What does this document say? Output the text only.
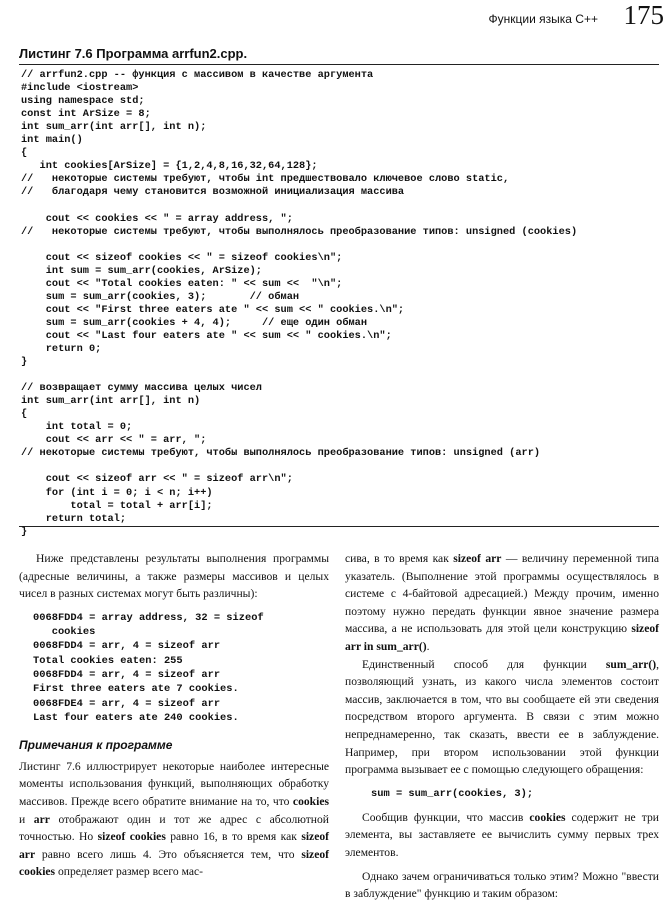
Функции языка C++ 175
Листинг 7.6 Программа arrfun2.cpp.
// arrfun2.cpp -- функция с массивом в качестве аргумента
#include <iostream>
using namespace std;
const int ArSize = 8;
int sum_arr(int arr[], int n);
int main()
{
int cookies[ArSize] = {1,2,4,8,16,32,64,128};
//   некоторые системы требуют, чтобы int предшествовало ключевое слово static,
//   благодаря чему становится возможной инициализация массива
cout << cookies << " = array address, ";
//   некоторые системы требуют, чтобы выполнялось преобразование типов: unsigned (cookies)
cout << sizeof cookies << " = sizeof cookies\n";
int sum = sum_arr(cookies, ArSize);
cout << "Total cookies eaten: " << sum <<  "\n";
sum = sum_arr(cookies, 3);       // обман
cout << "First three eaters ate " << sum << " cookies.\n";
sum = sum_arr(cookies + 4, 4);     // еще один обман
cout << "Last four eaters ate " << sum << " cookies.\n";
return 0;
}
// возвращает сумму массива целых чисел
int sum_arr(int arr[], int n)
{
int total = 0;
cout << arr << " = arr, ";
// некоторые системы требуют, чтобы выполнялось преобразование типов: unsigned (arr)
cout << sizeof arr << " = sizeof arr\n";
for (int i = 0; i < n; i++)
total = total + arr[i];
return total;
}

Ниже представлены результаты выполнения программы (адресные величины, а также размеры массивов и целых чисел в разных системах могут быть различны):

0068FDD4 = array address, 32 = sizeof
cookies
0068FDD4 = arr, 4 = sizeof arr
Total cookies eaten: 255
0068FDD4 = arr, 4 = sizeof arr
First three eaters ate 7 cookies.
0068FDE4 = arr, 4 = sizeof arr
Last four eaters ate 240 cookies.
Примечания к программе

Листинг 7.6 иллюстрирует некоторые наиболее интересные моменты использования функций, выполняющих обработку массивов. Прежде всего обратите внимание на то, что cookies и arr отображают один и тот же адрес с абсолютной точностью. Но sizeof cookies равно 16, в то время как sizeof arr равно всего лишь 4. Это объясняется тем, что sizeof cookies определяет размер всего мас-

сива, в то время как sizeof arr — величину переменной типа указатель. (Выполнение этой программы осуществлялось в системе с 4-байтовой адресацией.) Между прочим, именно поэтому нужно передать функции явное значение размера массива, а не использовать для этой цели конструкцию sizeof arr in sum_arr().

Единственный способ для функции sum_arr(), позволяющий узнать, из какого числа элементов состоит массив, заключается в том, что вы сообщаете ей эти сведения посредством второго аргумента. В связи с этим можно непреднамеренно, так сказать, ввести ее в заблуждение. Например, при втором использовании этой функции программа вызывает ее с помощью следующего обращения:

sum = sum_arr(cookies, 3);

Сообщив функции, что массив cookies содержит не три элемента, вы заставляете ее вычислить сумму первых трех элементов.

Однако зачем ограничиваться только этим? Можно "ввести в заблуждение" функцию и таким образом:
